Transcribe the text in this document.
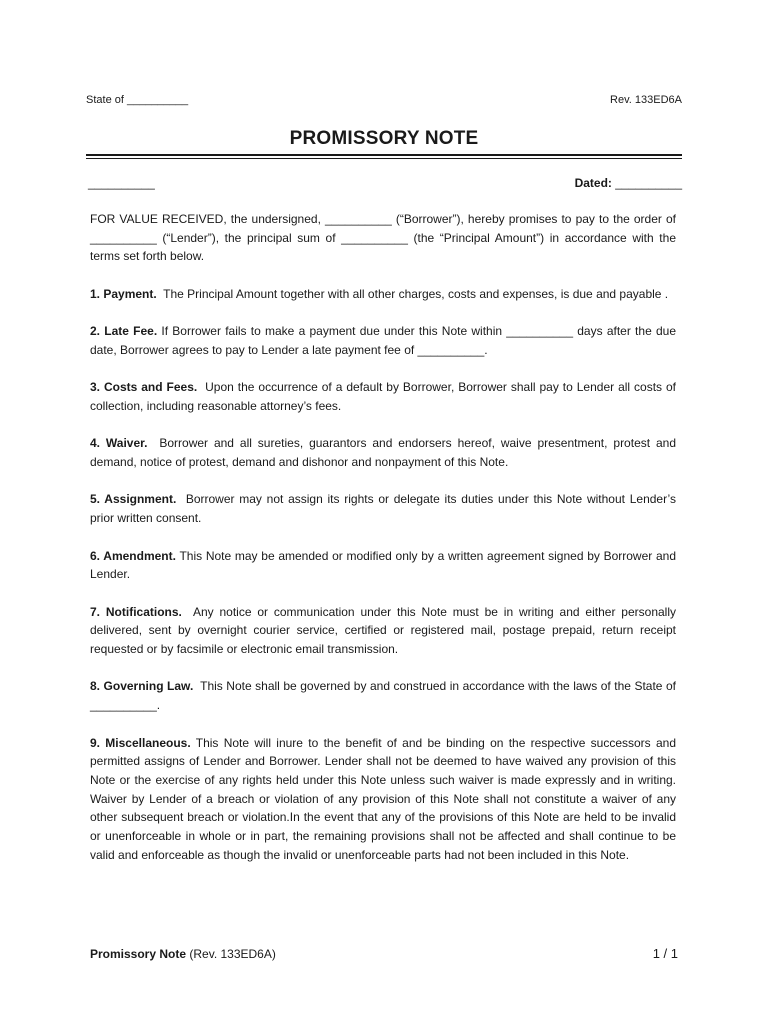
State of __________	Rev. 133ED6A
PROMISSORY NOTE
__________	Dated: __________

FOR VALUE RECEIVED, the undersigned, __________ (“Borrower”), hereby promises to pay to the order of __________ (“Lender”), the principal sum of __________ (the “Principal Amount”) in accordance with the terms set forth below.

1. Payment. The Principal Amount together with all other charges, costs and expenses, is due and payable .

2. Late Fee. If Borrower fails to make a payment due under this Note within __________ days after the due date, Borrower agrees to pay to Lender a late payment fee of __________.

3. Costs and Fees. Upon the occurrence of a default by Borrower, Borrower shall pay to Lender all costs of collection, including reasonable attorney’s fees.

4. Waiver. Borrower and all sureties, guarantors and endorsers hereof, waive presentment, protest and demand, notice of protest, demand and dishonor and nonpayment of this Note.

5. Assignment. Borrower may not assign its rights or delegate its duties under this Note without Lender’s prior written consent.

6. Amendment. This Note may be amended or modified only by a written agreement signed by Borrower and Lender.

7. Notifications. Any notice or communication under this Note must be in writing and either personally delivered, sent by overnight courier service, certified or registered mail, postage prepaid, return receipt requested or by facsimile or electronic email transmission.

8. Governing Law. This Note shall be governed by and construed in accordance with the laws of the State of __________.

9. Miscellaneous. This Note will inure to the benefit of and be binding on the respective successors and permitted assigns of Lender and Borrower. Lender shall not be deemed to have waived any provision of this Note or the exercise of any rights held under this Note unless such waiver is made expressly and in writing. Waiver by Lender of a breach or violation of any provision of this Note shall not constitute a waiver of any other subsequent breach or violation.In the event that any of the provisions of this Note are held to be invalid or unenforceable in whole or in part, the remaining provisions shall not be affected and shall continue to be valid and enforceable as though the invalid or unenforceable parts had not been included in this Note.

Promissory Note (Rev. 133ED6A)	1 / 1
